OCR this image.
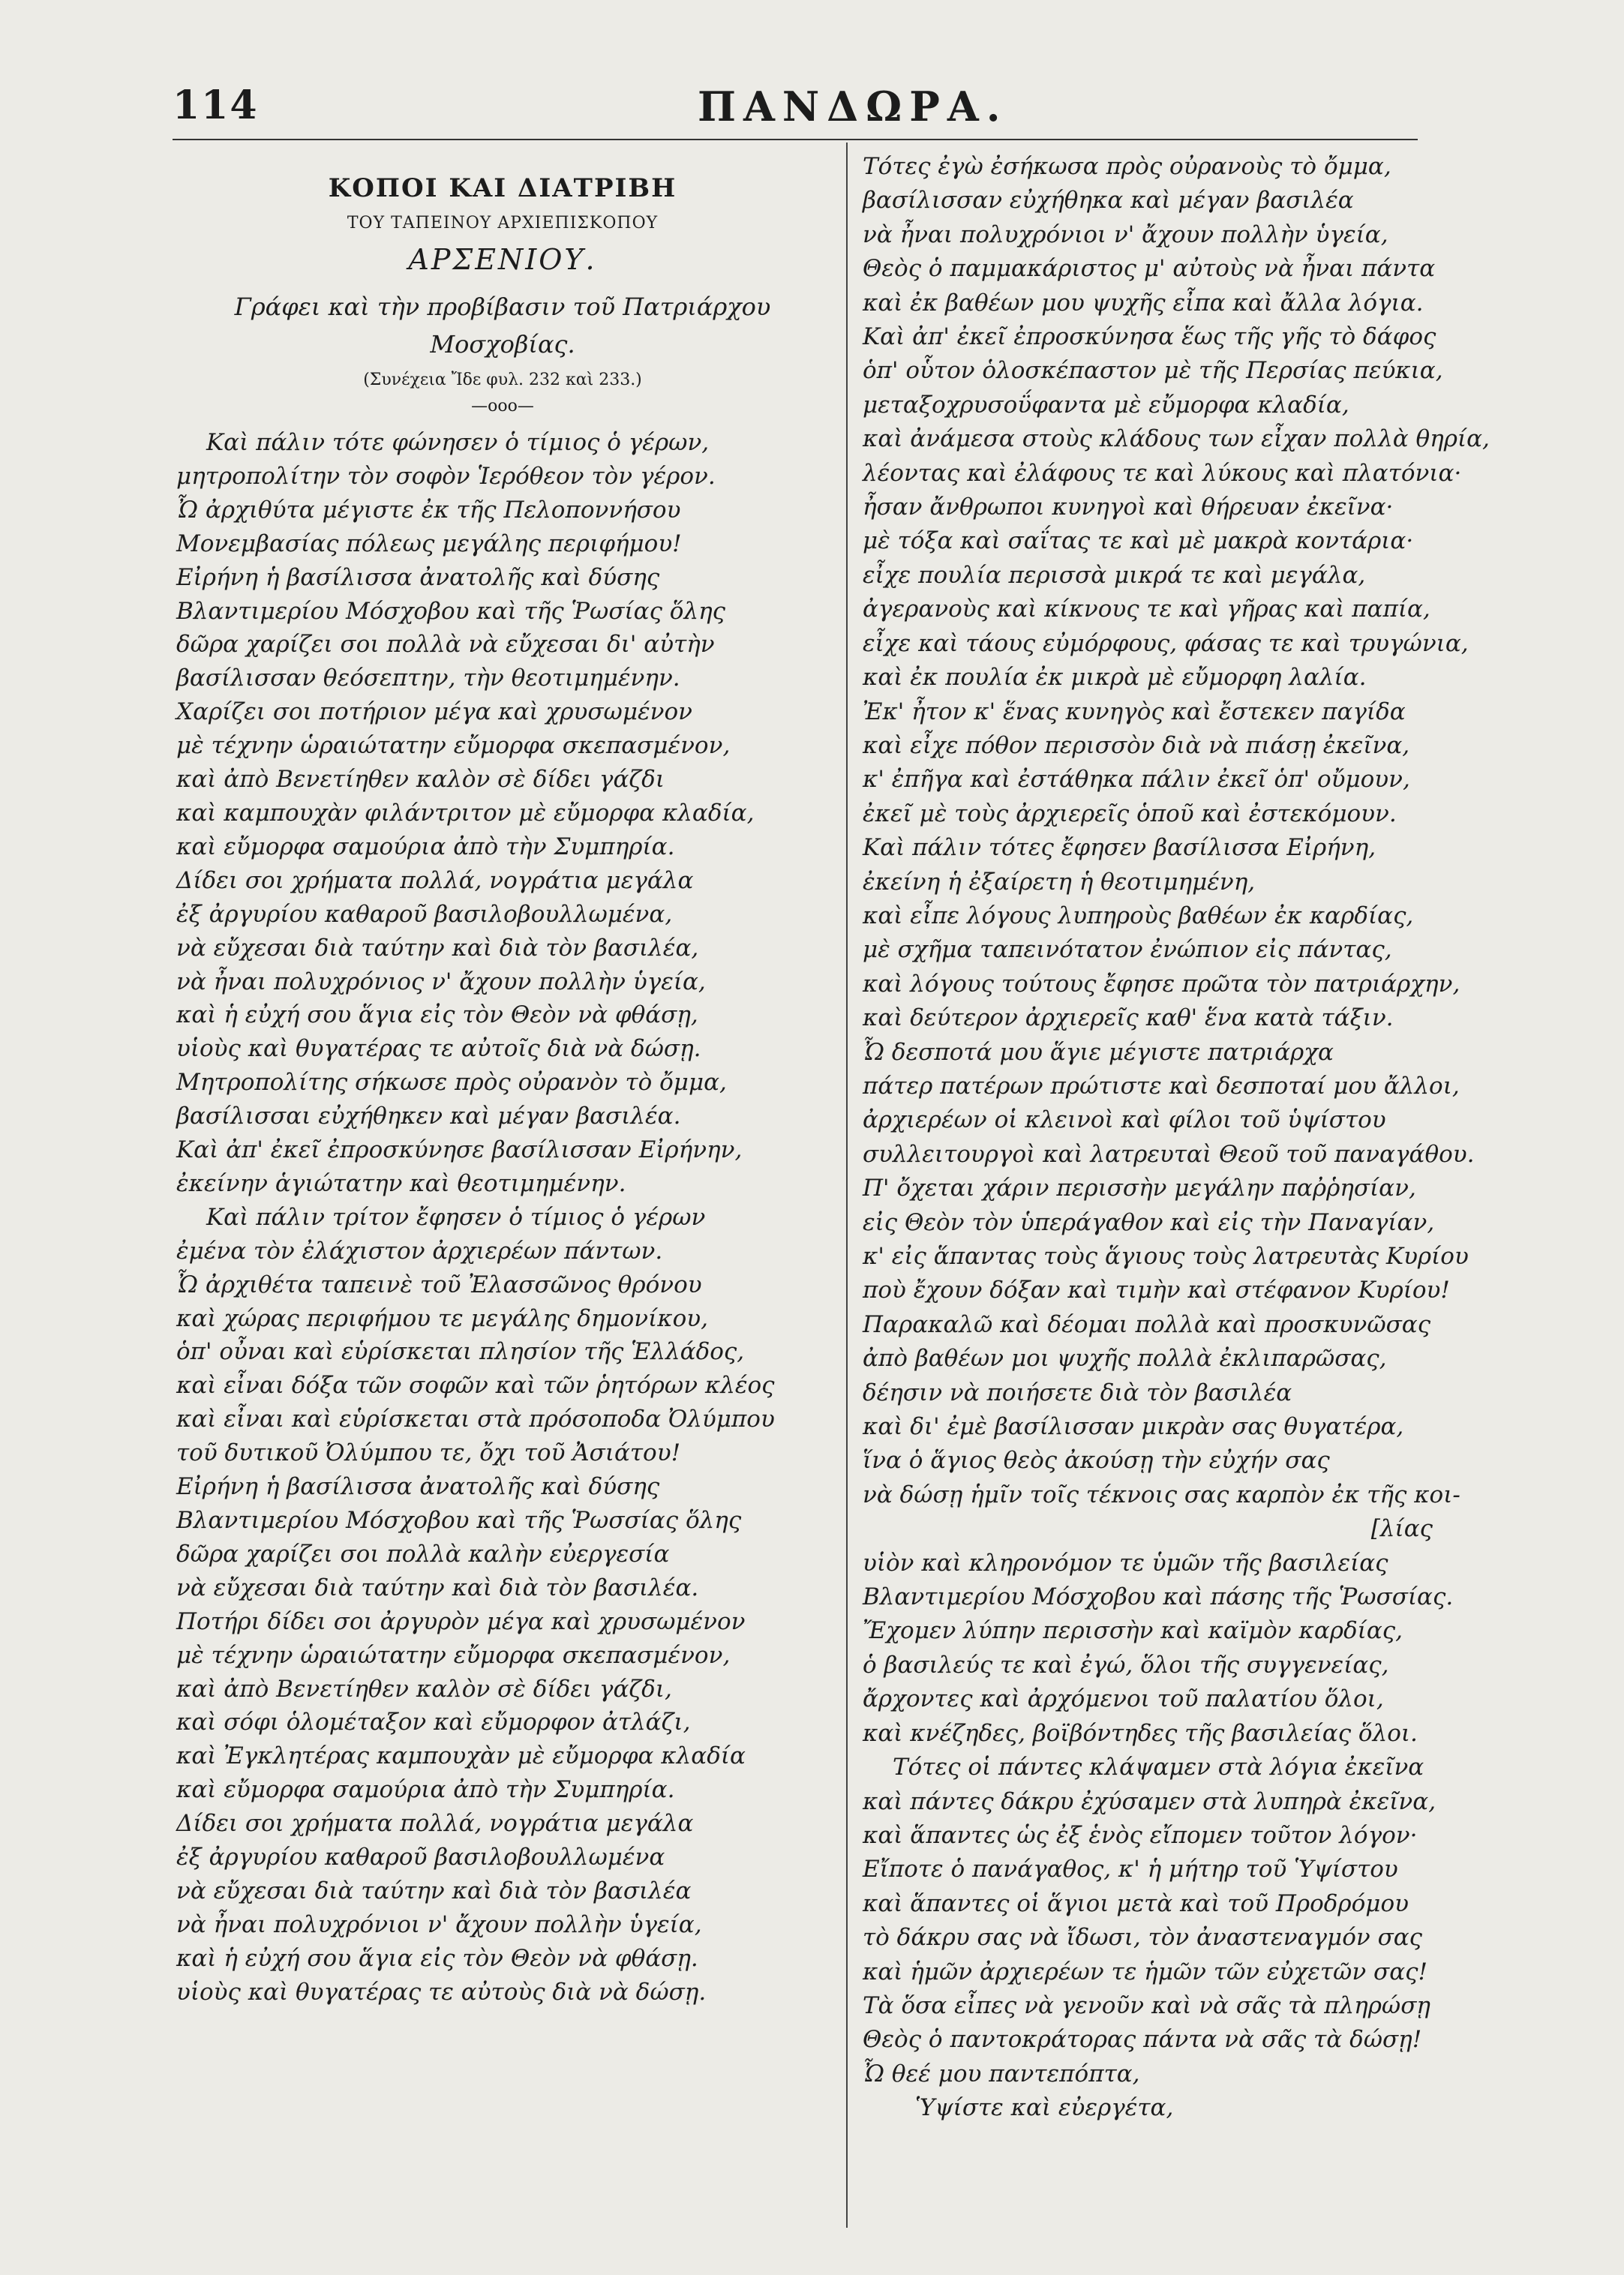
114	ΠΑΝΔΩΡΑ.
ΚΟΠΟΙ ΚΑΙ ΔΙΑΤΡΙΒΗ
ΤΟΥ ΤΑΠΕΙΝΟΥ ΑΡΧΙΕΠΙΣΚΟΠΟΥ
ΑΡΣΕΝΙΟΥ.
Γράφει καὶ τὴν προβίβασιν τοῦ Πατριάρχου
Μοσχοβίας.
(Συνέχεια Ἴδε φυλ. 232 καὶ 233.)
—οοο—
Καὶ πάλιν τότε φώνησεν ὁ τίμιος ὁ γέρων,
μητροπολίτην τὸν σοφὸν Ἱερόθεον τὸν γέρον.
Ὦ ἀρχιθύτα μέγιστε ἐκ τῆς Πελοποννήσου
Μονεμβασίας πόλεως μεγάλης περιφήμου!
Εἰρήνη ἡ βασίλισσα ἀνατολῆς καὶ δύσης
Βλαντιμερίου Μόσχοβου καὶ τῆς Ῥωσίας ὅλης
δῶρα χαρίζει σοι πολλὰ νὰ εὔχεσαι δι' αὐτὴν
βασίλισσαν θεόσεπτην, τὴν θεοτιμημένην.
Χαρίζει σοι ποτήριον μέγα καὶ χρυσωμένον
μὲ τέχνην ὡραιώτατην εὔμορφα σκεπασμένον,
καὶ ἀπὸ Βενετίηθεν καλὸν σὲ δίδει γάζδι
καὶ καμπουχὰν φιλάντριτον μὲ εὔμορφα κλαδία,
καὶ εὔμορφα σαμούρια ἀπὸ τὴν Συμπηρία.
Δίδει σοι χρήματα πολλά, νογράτια μεγάλα
ἐξ ἀργυρίου καθαροῦ βασιλοβουλλωμένα,
νὰ εὔχεσαι διὰ ταύτην καὶ διὰ τὸν βασιλέα,
νὰ ἦναι πολυχρόνιος ν' ἄχουν πολλὴν ὑγεία,
καὶ ἡ εὐχή σου ἅγια εἰς τὸν Θεὸν νὰ φθάσῃ,
υἱοὺς καὶ θυγατέρας τε αὐτοῖς διὰ νὰ δώσῃ.
Μητροπολίτης σήκωσε πρὸς οὐρανὸν τὸ ὄμμα,
βασίλισσαι εὐχήθηκεν καὶ μέγαν βασιλέα.
Καὶ ἀπ' ἐκεῖ ἐπροσκύνησε βασίλισσαν Εἰρήνην,
ἐκείνην ἁγιώτατην καὶ θεοτιμημένην.
Καὶ πάλιν τρίτον ἔφησεν ὁ τίμιος ὁ γέρων
ἐμένα τὸν ἐλάχιστον ἀρχιερέων πάντων.
Ὦ ἀρχιθέτα ταπεινὲ τοῦ Ἐλασσῶνος θρόνου
καὶ χώρας περιφήμου τε μεγάλης δημονίκου,
ὁπ' οὖναι καὶ εὑρίσκεται πλησίον τῆς Ἑλλάδος,
καὶ εἶναι δόξα τῶν σοφῶν καὶ τῶν ῥητόρων κλέος
καὶ εἶναι καὶ εὑρίσκεται στὰ πρόσοποδα Ὀλύμπου
τοῦ δυτικοῦ Ὀλύμπου τε, ὄχι τοῦ Ἀσιάτου!
Εἰρήνη ἡ βασίλισσα ἀνατολῆς καὶ δύσης
Βλαντιμερίου Μόσχοβου καὶ τῆς Ῥωσσίας ὅλης
δῶρα χαρίζει σοι πολλὰ καλὴν εὐεργεσία
νὰ εὔχεσαι διὰ ταύτην καὶ διὰ τὸν βασιλέα.
Ποτήρι δίδει σοι ἀργυρὸν μέγα καὶ χρυσωμένον
μὲ τέχνην ὡραιώτατην εὔμορφα σκεπασμένον,
καὶ ἀπὸ Βενετίηθεν καλὸν σὲ δίδει γάζδι,
καὶ σόφι ὁλομέταξον καὶ εὔμορφον ἀτλάζι,
καὶ Ἐγκλητέρας καμπουχὰν μὲ εὔμορφα κλαδία
καὶ εὔμορφα σαμούρια ἀπὸ τὴν Συμπηρία.
Δίδει σοι χρήματα πολλά, νογράτια μεγάλα
ἐξ ἀργυρίου καθαροῦ βασιλοβουλλωμένα
νὰ εὔχεσαι διὰ ταύτην καὶ διὰ τὸν βασιλέα
νὰ ἦναι πολυχρόνιοι ν' ἄχουν πολλὴν ὑγεία,
καὶ ἡ εὐχή σου ἅγια εἰς τὸν Θεὸν νὰ φθάσῃ.
υἱοὺς καὶ θυγατέρας τε αὐτοὺς διὰ νὰ δώσῃ.
Τότες ἐγὼ ἐσήκωσα πρὸς οὐρανοὺς τὸ ὄμμα,
βασίλισσαν εὐχήθηκα καὶ μέγαν βασιλέα
νὰ ἦναι πολυχρόνιοι ν' ἄχουν πολλὴν ὑγεία,
Θεὸς ὁ παμμακάριστος μ' αὐτοὺς νὰ ἦναι πάντα
καὶ ἐκ βαθέων μου ψυχῆς εἶπα καὶ ἄλλα λόγια.
Καὶ ἀπ' ἐκεῖ ἐπροσκύνησα ἕως τῆς γῆς τὸ δάφος
ὁπ' οὗτον ὁλοσκέπαστον μὲ τῆς Περσίας πεύκια,
μεταξοχρυσοΰφαντα μὲ εὔμορφα κλαδία,
καὶ ἀνάμεσα στοὺς κλάδους των εἶχαν πολλὰ θηρία,
λέοντας καὶ ἐλάφους τε καὶ λύκους καὶ πλατόνια·
ἦσαν ἄνθρωποι κυνηγοὶ καὶ θήρευαν ἐκεῖνα·
μὲ τόξα καὶ σαΐτας τε καὶ μὲ μακρὰ κοντάρια·
εἶχε πουλία περισσὰ μικρά τε καὶ μεγάλα,
ἀγερανοὺς καὶ κίκνους τε καὶ γῆρας καὶ παπία,
εἶχε καὶ τάους εὐμόρφους, φάσας τε καὶ τρυγώνια,
καὶ ἐκ πουλία ἐκ μικρὰ μὲ εὔμορφη λαλία.
Ἐκ' ἦτον κ' ἕνας κυνηγὸς καὶ ἔστεκεν παγίδα
καὶ εἶχε πόθον περισσὸν διὰ νὰ πιάσῃ ἐκεῖνα,
κ' ἐπῆγα καὶ ἐστάθηκα πάλιν ἐκεῖ ὁπ' οὔμουν,
ἐκεῖ μὲ τοὺς ἀρχιερεῖς ὁποῦ καὶ ἐστεκόμουν.
Καὶ πάλιν τότες ἔφησεν βασίλισσα Εἰρήνη,
ἐκείνη ἡ ἐξαίρετη ἡ θεοτιμημένη,
καὶ εἶπε λόγους λυπηροὺς βαθέων ἐκ καρδίας,
μὲ σχῆμα ταπεινότατον ἐνώπιον εἰς πάντας,
καὶ λόγους τούτους ἔφησε πρῶτα τὸν πατριάρχην,
καὶ δεύτερον ἀρχιερεῖς καθ' ἕνα κατὰ τάξιν.
Ὦ δεσποτά μου ἅγιε μέγιστε πατριάρχα
πάτερ πατέρων πρώτιστε καὶ δεσποταί μου ἄλλοι,
ἀρχιερέων οἱ κλεινοὶ καὶ φίλοι τοῦ ὑψίστου
συλλειτουργοὶ καὶ λατρευταὶ Θεοῦ τοῦ παναγάθου.
Π' ὄχεται χάριν περισσὴν μεγάλην παῤῥησίαν,
εἰς Θεὸν τὸν ὑπεράγαθον καὶ εἰς τὴν Παναγίαν,
κ' εἰς ἅπαντας τοὺς ἅγιους τοὺς λατρευτὰς Κυρίου
ποὺ ἔχουν δόξαν καὶ τιμὴν καὶ στέφανον Κυρίου!
Παρακαλῶ καὶ δέομαι πολλὰ καὶ προσκυνῶσας
ἀπὸ βαθέων μοι ψυχῆς πολλὰ ἐκλιπαρῶσας,
δέησιν νὰ ποιήσετε διὰ τὸν βασιλέα
καὶ δι' ἐμὲ βασίλισσαν μικρὰν σας θυγατέρα,
ἵνα ὁ ἅγιος θεὸς ἀκούσῃ τὴν εὐχήν σας
νὰ δώσῃ ἡμῖν τοῖς τέκνοις σας καρπὸν ἐκ τῆς κοι-
[λίας
υἱὸν καὶ κληρονόμον τε ὑμῶν τῆς βασιλείας
Βλαντιμερίου Μόσχοβου καὶ πάσης τῆς Ῥωσσίας.
Ἔχομεν λύπην περισσὴν καὶ καϊμὸν καρδίας,
ὁ βασιλεύς τε καὶ ἐγώ, ὅλοι τῆς συγγενείας,
ἄρχοντες καὶ ἀρχόμενοι τοῦ παλατίου ὅλοι,
καὶ κνέζηδες, βοϊβόντηδες τῆς βασιλείας ὅλοι.
Τότες οἱ πάντες κλάψαμεν στὰ λόγια ἐκεῖνα
καὶ πάντες δάκρυ ἐχύσαμεν στὰ λυπηρὰ ἐκεῖνα,
καὶ ἅπαντες ὡς ἐξ ἑνὸς εἴπομεν τοῦτον λόγον·
Εἴποτε ὁ πανάγαθος, κ' ἡ μήτηρ τοῦ Ὑψίστου
καὶ ἅπαντες οἱ ἅγιοι μετὰ καὶ τοῦ Προδρόμου
τὸ δάκρυ σας νὰ ἴδωσι, τὸν ἀναστεναγμόν σας
καὶ ἡμῶν ἀρχιερέων τε ἡμῶν τῶν εὐχετῶν σας!
Τὰ ὅσα εἶπες νὰ γενοῦν καὶ νὰ σᾶς τὰ πληρώσῃ
Θεὸς ὁ παντοκράτορας πάντα νὰ σᾶς τὰ δώσῃ!
Ὦ θεέ μου παντεπόπτα,
Ὑψίστε καὶ εὐεργέτα,
